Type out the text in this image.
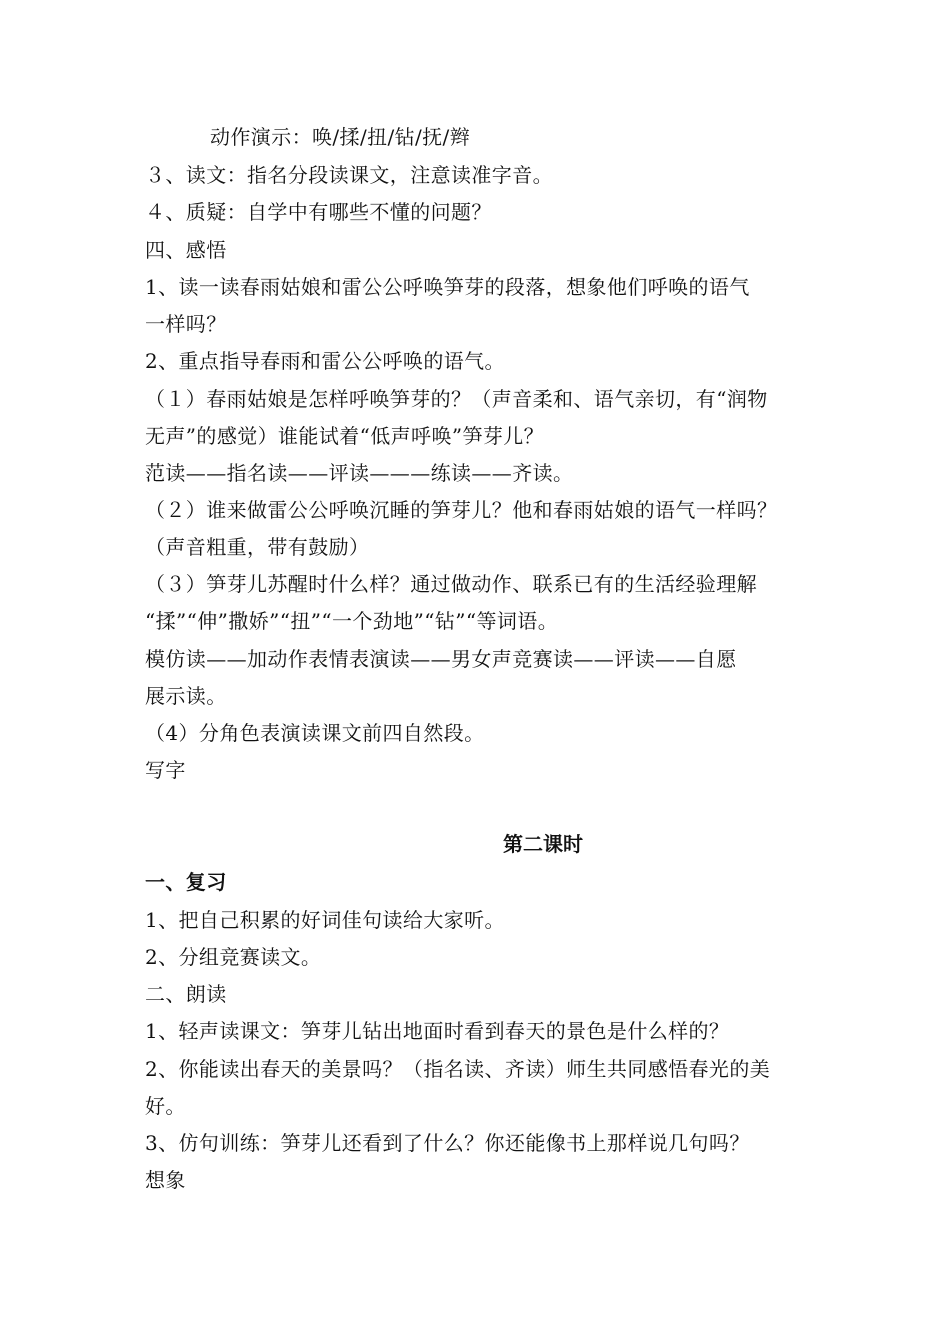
动作演示：唤/揉/扭/钻/抚/辫
３、读文：指名分段读课文，注意读准字音。
４、质疑：自学中有哪些不懂的问题？
四、感悟
1、读一读春雨姑娘和雷公公呼唤笋芽的段落，想象他们呼唤的语气
一样吗？
2、重点指导春雨和雷公公呼唤的语气。
（１）春雨姑娘是怎样呼唤笋芽的？（声音柔和、语气亲切，有“润物
无声”的感觉）谁能试着“低声呼唤”笋芽儿？
范读——指名读——评读———练读——齐读。
（２）谁来做雷公公呼唤沉睡的笋芽儿？他和春雨姑娘的语气一样吗？
（声音粗重，带有鼓励）
（３）笋芽儿苏醒时什么样？通过做动作、联系已有的生活经验理解
“揉”“伸”撒娇”“扭”“一个劲地”“钻”“等词语。
模仿读——加动作表情表演读——男女声竞赛读——评读——自愿
展示读。
（4）分角色表演读课文前四自然段。
写字
第二课时
一、复习
1、把自己积累的好词佳句读给大家听。
2、分组竞赛读文。
二、朗读
1、轻声读课文：笋芽儿钻出地面时看到春天的景色是什么样的？
2、你能读出春天的美景吗？（指名读、齐读）师生共同感悟春光的美
好。
3、仿句训练：笋芽儿还看到了什么？你还能像书上那样说几句吗？
想象
